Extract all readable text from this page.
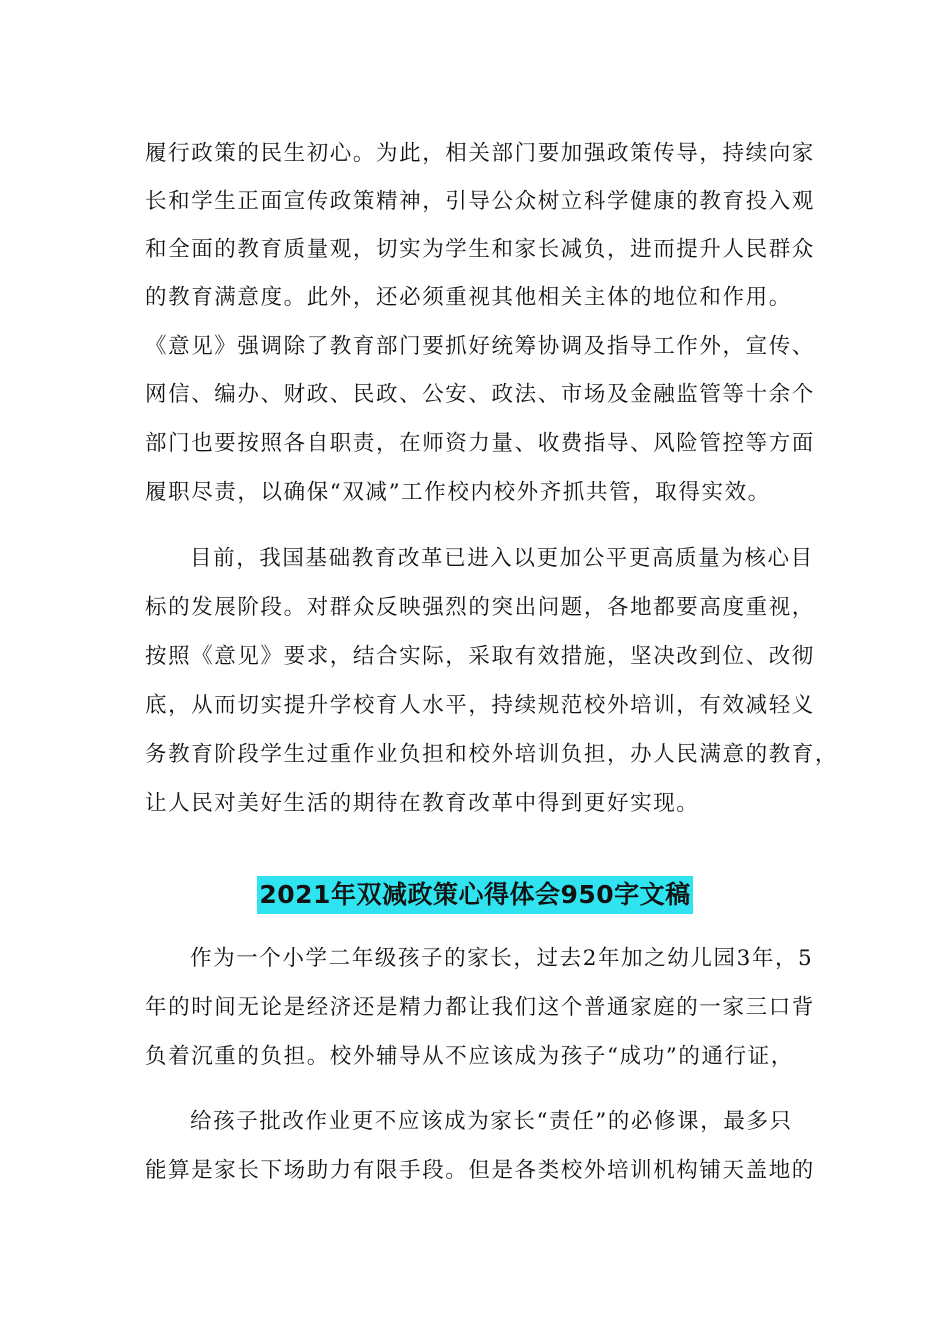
履行政策的民生初心。为此，相关部门要加强政策传导，持续向家
长和学生正面宣传政策精神，引导公众树立科学健康的教育投入观
和全面的教育质量观，切实为学生和家长减负，进而提升人民群众
的教育满意度。此外，还必须重视其他相关主体的地位和作用。
《意见》强调除了教育部门要抓好统筹协调及指导工作外，宣传、
网信、编办、财政、民政、公安、政法、市场及金融监管等十余个
部门也要按照各自职责，在师资力量、收费指导、风险管控等方面
履职尽责，以确保“双减”工作校内校外齐抓共管，取得实效。
目前，我国基础教育改革已进入以更加公平更高质量为核心目
标的发展阶段。对群众反映强烈的突出问题，各地都要高度重视，
按照《意见》要求，结合实际，采取有效措施，坚决改到位、改彻
底，从而切实提升学校育人水平，持续规范校外培训，有效减轻义
务教育阶段学生过重作业负担和校外培训负担，办人民满意的教育，
让人民对美好生活的期待在教育改革中得到更好实现。
2021年双减政策心得体会950字文稿
作为一个小学二年级孩子的家长，过去2年加之幼儿园3年，5
年的时间无论是经济还是精力都让我们这个普通家庭的一家三口背
负着沉重的负担。校外辅导从不应该成为孩子“成功”的通行证，
给孩子批改作业更不应该成为家长“责任”的必修课，最多只
能算是家长下场助力有限手段。但是各类校外培训机构铺天盖地的
